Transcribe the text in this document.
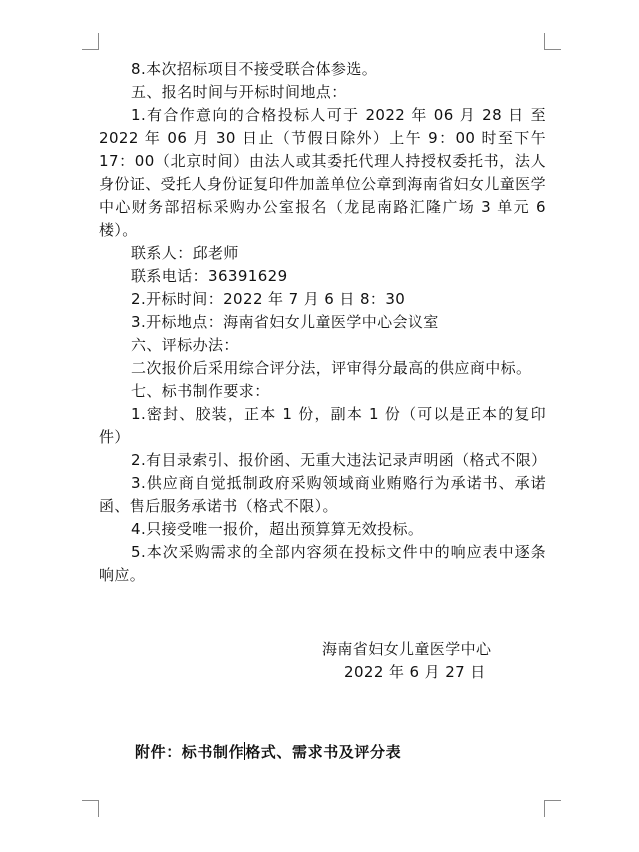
8.本次招标项目不接受联合体参选。

五、报名时间与开标时间地点：

1.有合作意向的合格投标人可于 2022 年 06 月 28 日 至 2022 年 06 月 30 日止（节假日除外）上午 9：00 时至下午 17：00（北京时间）由法人或其委托代理人持授权委托书，法人身份证、受托人身份证复印件加盖单位公章到海南省妇女儿童医学中心财务部招标采购办公室报名（龙昆南路汇隆广场 3 单元 6 楼）。

联系人：邱老师

联系电话：36391629

2.开标时间：2022 年 7 月 6 日 8：30

3.开标地点：海南省妇女儿童医学中心会议室

六、评标办法：

二次报价后采用综合评分法，评审得分最高的供应商中标。

七、标书制作要求：

1.密封、胶装，正本 1 份，副本 1 份（可以是正本的复印件）

2.有目录索引、报价函、无重大违法记录声明函（格式不限）

3.供应商自觉抵制政府采购领域商业贿赂行为承诺书、承诺函、售后服务承诺书（格式不限）。

4.只接受唯一报价，超出预算算无效投标。

5.本次采购需求的全部内容须在投标文件中的响应表中逐条响应。

海南省妇女儿童医学中心
2022 年 6 月 27 日
附件：标书制作格式、需求书及评分表
